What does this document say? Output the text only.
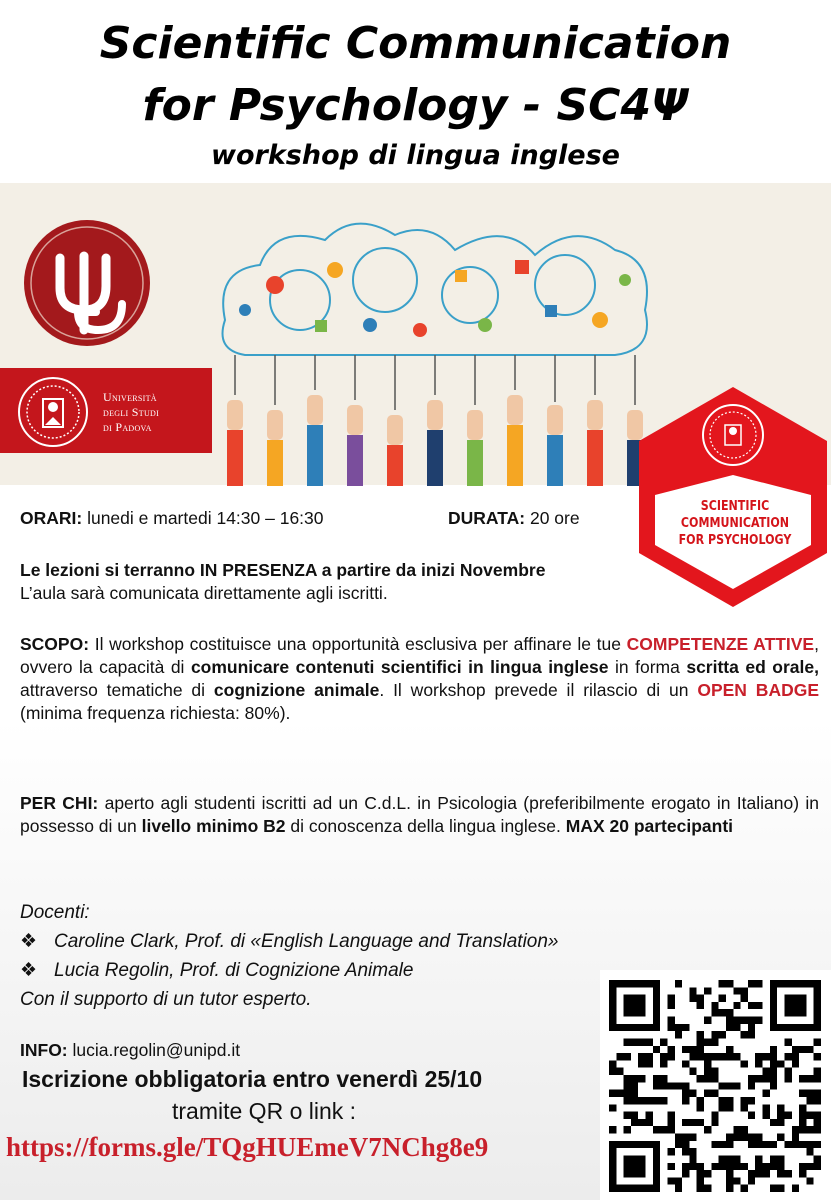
Scientific Communication
for Psychology - SC4Ψ
workshop di lingua inglese
Università
degli Studi
di Padova
SCIENTIFIC
COMMUNICATION
FOR PSYCHOLOGY
ORARI: lunedi e martedi 14:30 – 16:30	DURATA: 20 ore
Le lezioni si terranno IN PRESENZA a partire da inizi Novembre
L’aula sarà comunicata direttamente agli iscritti.
SCOPO: Il workshop costituisce una opportunità esclusiva per affinare le tue COMPETENZE ATTIVE, ovvero la capacità di comunicare contenuti scientifici in lingua inglese in forma scritta ed orale, attraverso tematiche di cognizione animale. Il workshop prevede il rilascio di un OPEN BADGE (minima frequenza richiesta: 80%).
PER CHI: aperto agli studenti iscritti ad un C.d.L. in Psicologia (preferibilmente erogato in Italiano) in possesso di un livello minimo B2 di conoscenza della lingua inglese. MAX 20 partecipanti
Docenti:
❖ Caroline Clark, Prof. di «English Language and Translation»
❖ Lucia Regolin, Prof. di Cognizione Animale
Con il supporto di un tutor esperto.
INFO: lucia.regolin@unipd.it
Iscrizione obbligatoria entro venerdì 25/10
tramite QR o link :
https://forms.gle/TQgHUEmeV7NChg8e9
